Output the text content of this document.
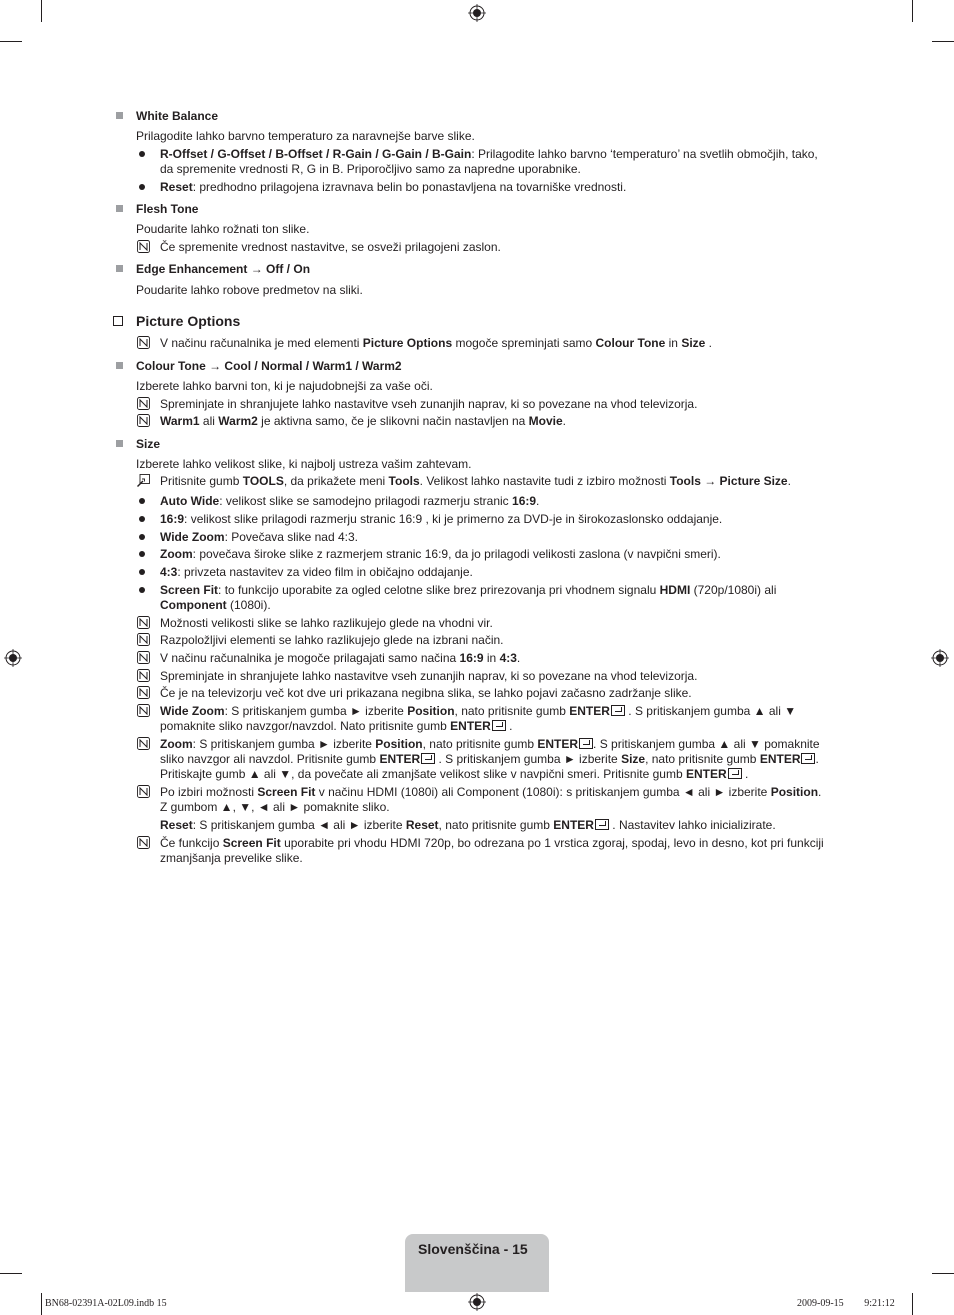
White Balance
Prilagodite lahko barvno temperaturo za naravnejše barve slike.
R-Offset / G-Offset / B-Offset / R-Gain / G-Gain / B-Gain: Prilagodite lahko barvno ‘temperaturo’ na svetlih območjih, tako,
da spremenite vrednosti R, G in B. Priporočljivo samo za napredne uporabnike.
Reset: predhodno prilagojena izravnava belin bo ponastavljena na tovarniške vrednosti.
Flesh Tone
Poudarite lahko rožnati ton slike.
Če spremenite vrednost nastavitve, se osveži prilagojeni zaslon.
Edge Enhancement → Off / On
Poudarite lahko robove predmetov na sliki.
Picture Options
V načinu računalnika je med elementi Picture Options mogoče spreminjati samo Colour Tone in Size .
Colour Tone → Cool / Normal / Warm1 / Warm2
Izberete lahko barvni ton, ki je najudobnejši za vaše oči.
Spreminjate in shranjujete lahko nastavitve vseh zunanjih naprav, ki so povezane na vhod televizorja.
Warm1 ali Warm2 je aktivna samo, če je slikovni način nastavljen na Movie.
Size
Izberete lahko velikost slike, ki najbolj ustreza vašim zahtevam.
Pritisnite gumb TOOLS, da prikažete meni Tools. Velikost lahko nastavite tudi z izbiro možnosti Tools → Picture Size.
Auto Wide: velikost slike se samodejno prilagodi razmerju stranic 16:9.
16:9: velikost slike prilagodi razmerju stranic 16:9 , ki je primerno za DVD-je in širokozaslonsko oddajanje.
Wide Zoom: Povečava slike nad 4:3.
Zoom: povečava široke slike z razmerjem stranic 16:9, da jo prilagodi velikosti zaslona (v navpični smeri).
4:3: privzeta nastavitev za video film in običajno oddajanje.
Screen Fit: to funkcijo uporabite za ogled celotne slike brez prirezovanja pri vhodnem signalu HDMI (720p/1080i) ali
Component (1080i).
Možnosti velikosti slike se lahko razlikujejo glede na vhodni vir.
Razpoložljivi elementi se lahko razlikujejo glede na izbrani način.
V načinu računalnika je mogoče prilagajati samo načina 16:9 in 4:3.
Spreminjate in shranjujete lahko nastavitve vseh zunanjih naprav, ki so povezane na vhod televizorja.
Če je na televizorju več kot dve uri prikazana negibna slika, se lahko pojavi začasno zadržanje slike.
Wide Zoom: S pritiskanjem gumba ► izberite Position, nato pritisnite gumb ENTER . S pritiskanjem gumba ▲ ali ▼
pomaknite sliko navzgor/navzdol. Nato pritisnite gumb ENTER .
Zoom: S pritiskanjem gumba ► izberite Position, nato pritisnite gumb ENTER . S pritiskanjem gumba ▲ ali ▼ pomaknite
sliko navzgor ali navzdol. Pritisnite gumb ENTER . S pritiskanjem gumba ► izberite Size, nato pritisnite gumb ENTER .
Pritiskajte gumb ▲ ali ▼, da povečate ali zmanjšate velikost slike v navpični smeri. Pritisnite gumb ENTER .
Po izbiri možnosti Screen Fit v načinu HDMI (1080i) ali Component (1080i): s pritiskanjem gumba ◄ ali ► izberite Position.
Z gumbom ▲, ▼, ◄ ali ► pomaknite sliko.
Reset: S pritiskanjem gumba ◄ ali ► izberite Reset, nato pritisnite gumb ENTER . Nastavitev lahko inicializirate.
Če funkcijo Screen Fit uporabite pri vhodu HDMI 720p, bo odrezana po 1 vrstica zgoraj, spodaj, levo in desno, kot pri funkciji
zmanjšanja prevelike slike.
Slovenščina - 15
BN68-02391A-02L09.indb 15	2009-09-15 ￿￿ 9:21:12
